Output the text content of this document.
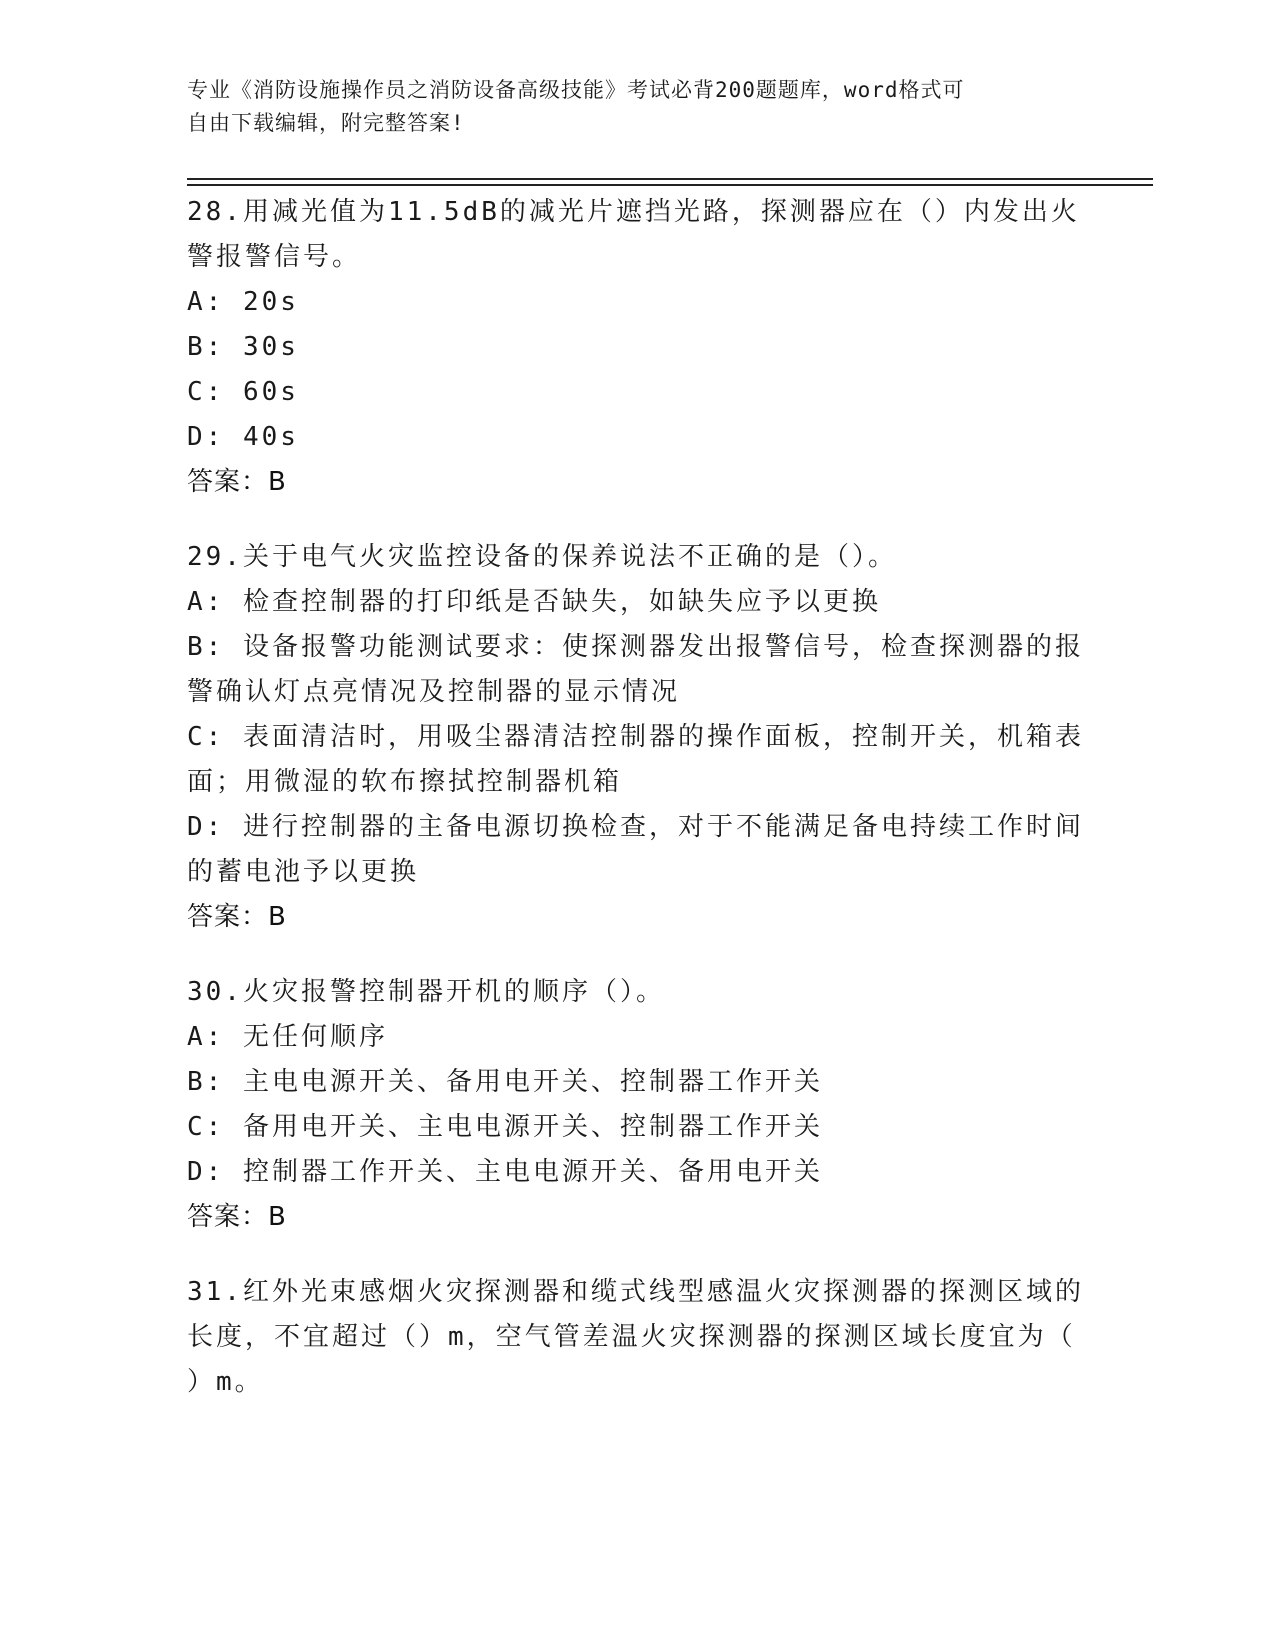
专业《消防设施操作员之消防设备高级技能》考试必背200题题库，word格式可
自由下载编辑，附完整答案!

28.用减光值为11.5dB的减光片遮挡光路，探测器应在（）内发出火

警报警信号。

A: 20s

B: 30s

C: 60s

D: 40s

答案：B

29.关于电气火灾监控设备的保养说法不正确的是（）。

A: 检查控制器的打印纸是否缺失，如缺失应予以更换

B: 设备报警功能测试要求：使探测器发出报警信号，检查探测器的报

警确认灯点亮情况及控制器的显示情况

C: 表面清洁时，用吸尘器清洁控制器的操作面板，控制开关，机箱表

面；用微湿的软布擦拭控制器机箱

D: 进行控制器的主备电源切换检查，对于不能满足备电持续工作时间

的蓄电池予以更换

答案：B

30.火灾报警控制器开机的顺序（）。

A: 无任何顺序

B: 主电电源开关、备用电开关、控制器工作开关

C: 备用电开关、主电电源开关、控制器工作开关

D: 控制器工作开关、主电电源开关、备用电开关

答案：B

31.红外光束感烟火灾探测器和缆式线型感温火灾探测器的探测区域的

长度，不宜超过（）m，空气管差温火灾探测器的探测区域长度宜为（

）m。
